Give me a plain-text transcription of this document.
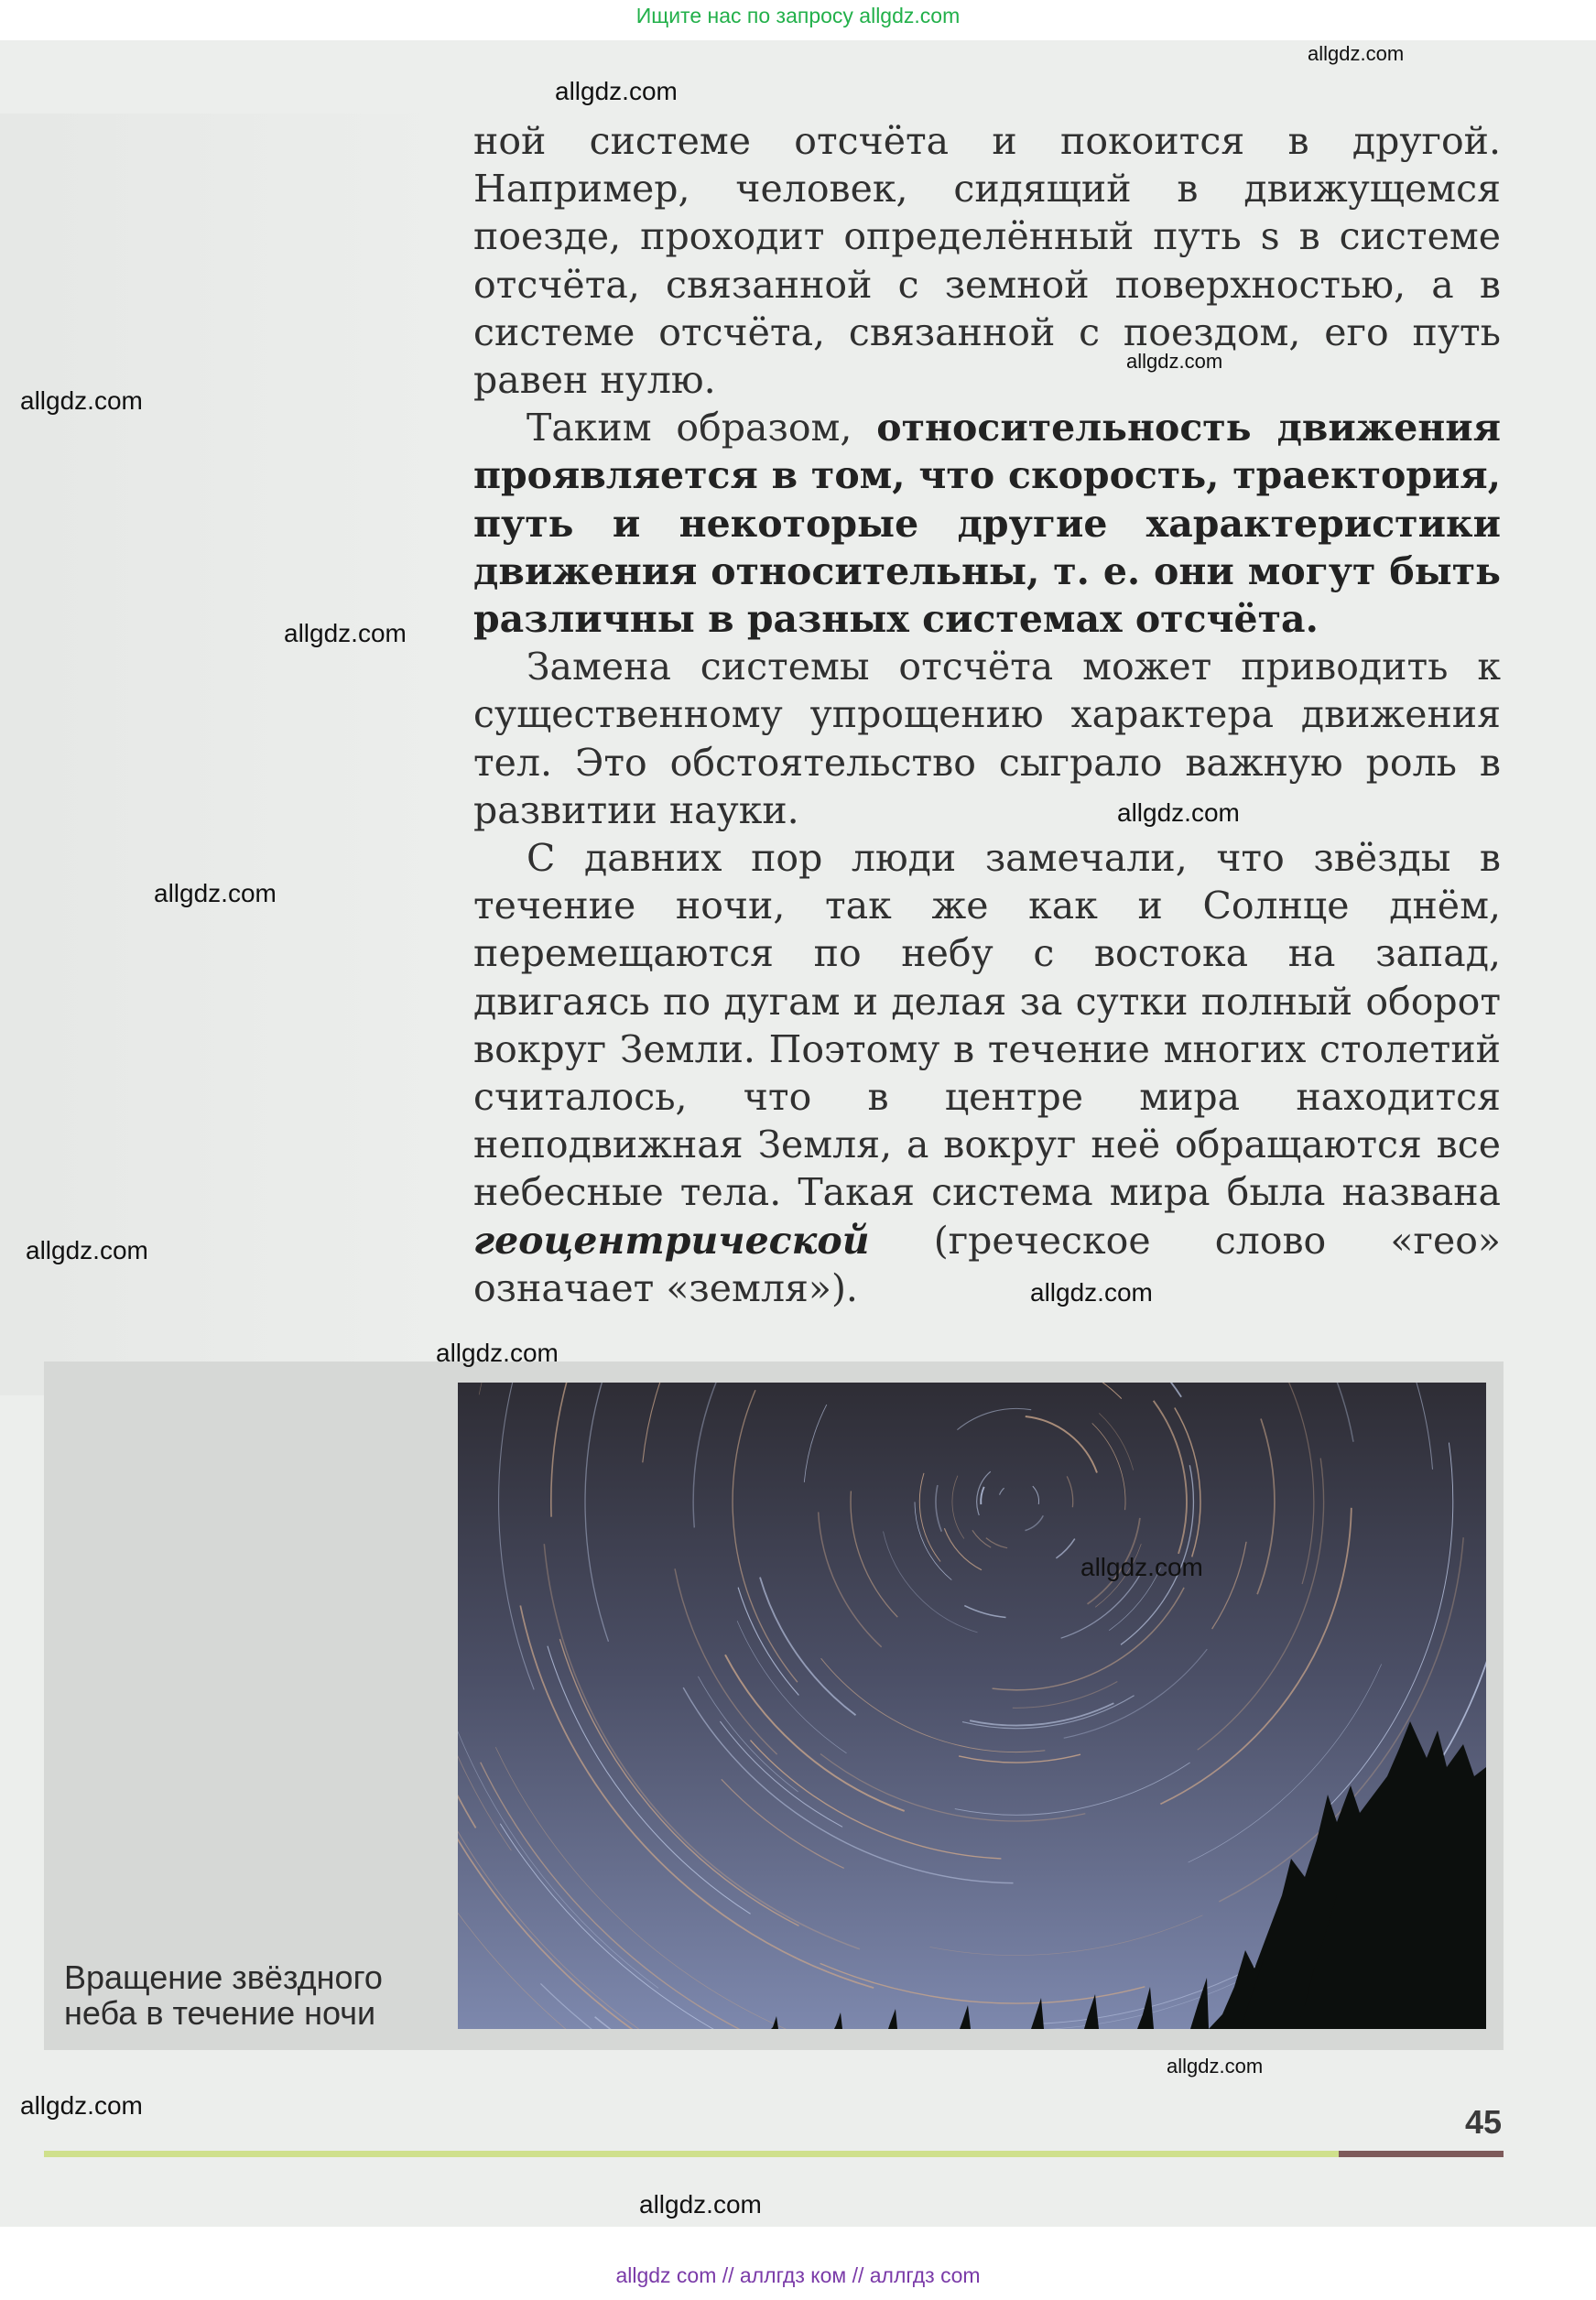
Ищите нас по запросу allgdz.com

ной системе отсчёта и покоится в другой. Например, человек, сидящий в движущемся поезде, проходит определённый путь s в системе отсчёта, связанной с земной поверхностью, а в системе отсчёта, связанной с поездом, его путь равен нулю.

Таким образом, относительность движения проявляется в том, что скорость, траектория, путь и некоторые другие характеристики движения относительны, т. е. они могут быть различны в разных системах отсчёта.

Замена системы отсчёта может приводить к существенному упрощению характера движения тел. Это обстоятельство сыграло важную роль в развитии науки.

С давних пор люди замечали, что звёзды в течение ночи, так же как и Солнце днём, перемещаются по небу с востока на запад, двигаясь по дугам и делая за сутки полный оборот вокруг Земли. Поэтому в течение многих столетий считалось, что в центре мира находится неподвижная Земля, а вокруг неё обращаются все небесные тела. Такая система мира была названа геоцентрической (греческое слово «гео» означает «земля»).

Вращение звёздного
неба в течение ночи
45
allgdz.com
allgdz.com
allgdz.com
allgdz.com
allgdz.com
allgdz.com
allgdz.com
allgdz.com
allgdz.com
allgdz.com
allgdz.com
allgdz.com
allgdz.com
allgdz.com
allgdz com // аллгдз ком // аллгдз com
